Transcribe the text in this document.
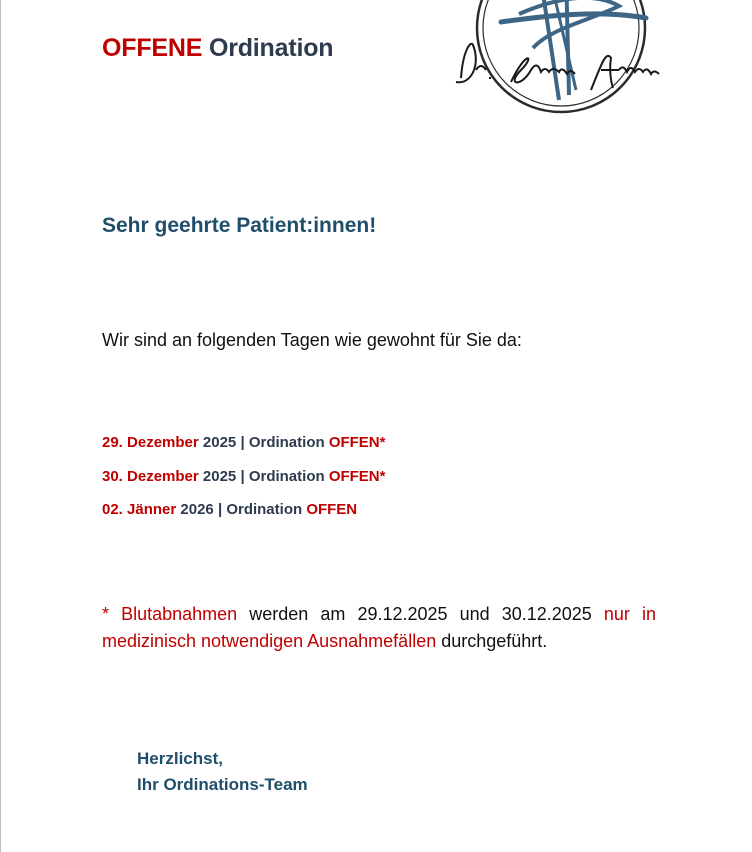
OFFENE Ordination
Sehr geehrte Patient:innen!
Wir sind an folgenden Tagen wie gewohnt für Sie da:
29. Dezember 2025 | Ordination OFFEN*
30. Dezember 2025 | Ordination OFFEN*
02. Jänner 2026 | Ordination OFFEN
* Blutabnahmen werden am 29.12.2025 und 30.12.2025 nur in medizinisch notwendigen Ausnahmefällen durchgeführt.
Herzlichst,
Ihr Ordinations-Team
